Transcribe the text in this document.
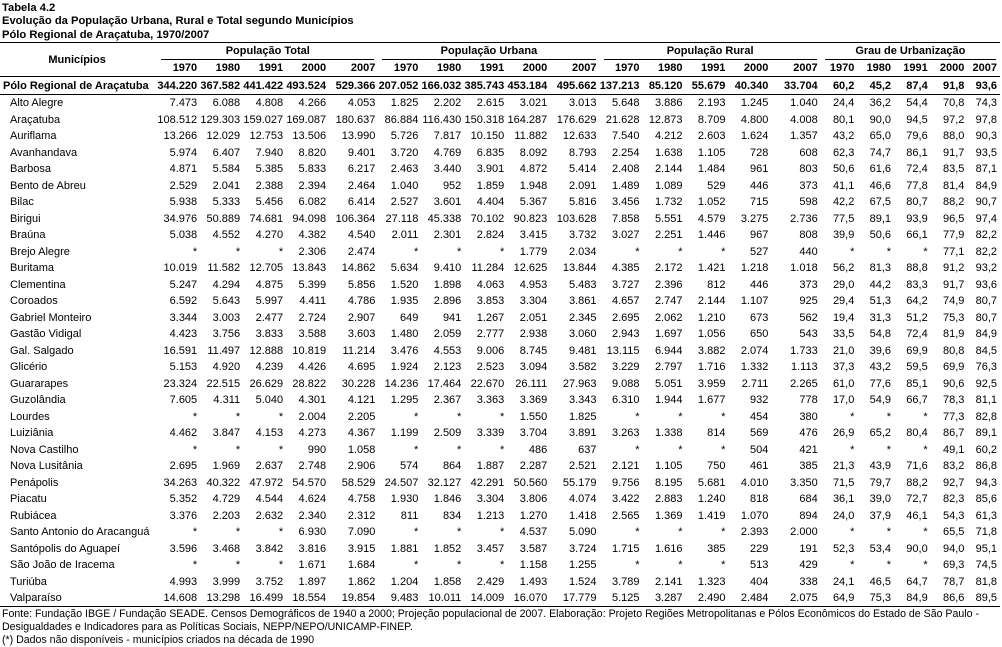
Tabela 4.2
Evolução da População Urbana, Rural e Total segundo Municípios
Pólo Regional de Araçatuba, 1970/2007
Municípios	População Total					População Urbana					População Rural					Grau de Urbanização				

	1970	1980	1991	2000	2007	1970	1980	1991	2000	2007	1970	1980	1991	2000	2007	1970	1980	1991	2000	2007
Pólo Regional de Araçatuba	344.220	367.582	441.422	493.524	529.366	207.052	166.032	385.743	453.184	495.662	137.213	85.120	55.679	40.340	33.704	60,2	45,2	87,4	91,8	93,6
Alto Alegre	7.473	6.088	4.808	4.266	4.053	1.825	2.202	2.615	3.021	3.013	5.648	3.886	2.193	1.245	1.040	24,4	36,2	54,4	70,8	74,3
Araçatuba	108.512	129.303	159.027	169.087	180.637	86.884	116.430	150.318	164.287	176.629	21.628	12.873	8.709	4.800	4.008	80,1	90,0	94,5	97,2	97,8
Auriflama	13.266	12.029	12.753	13.506	13.990	5.726	7.817	10.150	11.882	12.633	7.540	4.212	2.603	1.624	1.357	43,2	65,0	79,6	88,0	90,3
Avanhandava	5.974	6.407	7.940	8.820	9.401	3.720	4.769	6.835	8.092	8.793	2.254	1.638	1.105	728	608	62,3	74,7	86,1	91,7	93,5
Barbosa	4.871	5.584	5.385	5.833	6.217	2.463	3.440	3.901	4.872	5.414	2.408	2.144	1.484	961	803	50,6	61,6	72,4	83,5	87,1
Bento de Abreu	2.529	2.041	2.388	2.394	2.464	1.040	952	1.859	1.948	2.091	1.489	1.089	529	446	373	41,1	46,6	77,8	81,4	84,9
Bilac	5.938	5.333	5.456	6.082	6.414	2.527	3.601	4.404	5.367	5.816	3.456	1.732	1.052	715	598	42,2	67,5	80,7	88,2	90,7
Birigui	34.976	50.889	74.681	94.098	106.364	27.118	45.338	70.102	90.823	103.628	7.858	5.551	4.579	3.275	2.736	77,5	89,1	93,9	96,5	97,4
Braúna	5.038	4.552	4.270	4.382	4.540	2.011	2.301	2.824	3.415	3.732	3.027	2.251	1.446	967	808	39,9	50,6	66,1	77,9	82,2
Brejo Alegre	*	*	*	2.306	2.474	*	*	*	1.779	2.034	*	*	*	527	440	*	*	*	77,1	82,2
Buritama	10.019	11.582	12.705	13.843	14.862	5.634	9.410	11.284	12.625	13.844	4.385	2.172	1.421	1.218	1.018	56,2	81,3	88,8	91,2	93,2
Clementina	5.247	4.294	4.875	5.399	5.856	1.520	1.898	4.063	4.953	5.483	3.727	2.396	812	446	373	29,0	44,2	83,3	91,7	93,6
Coroados	6.592	5.643	5.997	4.411	4.786	1.935	2.896	3.853	3.304	3.861	4.657	2.747	2.144	1.107	925	29,4	51,3	64,2	74,9	80,7
Gabriel Monteiro	3.344	3.003	2.477	2.724	2.907	649	941	1.267	2.051	2.345	2.695	2.062	1.210	673	562	19,4	31,3	51,2	75,3	80,7
Gastão Vidigal	4.423	3.756	3.833	3.588	3.603	1.480	2.059	2.777	2.938	3.060	2.943	1.697	1.056	650	543	33,5	54,8	72,4	81,9	84,9
Gal. Salgado	16.591	11.497	12.888	10.819	11.214	3.476	4.553	9.006	8.745	9.481	13.115	6.944	3.882	2.074	1.733	21,0	39,6	69,9	80,8	84,5
Glicério	5.153	4.920	4.239	4.426	4.695	1.924	2.123	2.523	3.094	3.582	3.229	2.797	1.716	1.332	1.113	37,3	43,2	59,5	69,9	76,3
Guararapes	23.324	22.515	26.629	28.822	30.228	14.236	17.464	22.670	26.111	27.963	9.088	5.051	3.959	2.711	2.265	61,0	77,6	85,1	90,6	92,5
Guzolândia	7.605	4.311	5.040	4.301	4.121	1.295	2.367	3.363	3.369	3.343	6.310	1.944	1.677	932	778	17,0	54,9	66,7	78,3	81,1
Lourdes	*	*	*	2.004	2.205	*	*	*	1.550	1.825	*	*	*	454	380	*	*	*	77,3	82,8
Luiziânia	4.462	3.847	4.153	4.273	4.367	1.199	2.509	3.339	3.704	3.891	3.263	1.338	814	569	476	26,9	65,2	80,4	86,7	89,1
Nova Castilho	*	*	*	990	1.058	*	*	*	486	637	*	*	*	504	421	*	*	*	49,1	60,2
Nova Lusitânia	2.695	1.969	2.637	2.748	2.906	574	864	1.887	2.287	2.521	2.121	1.105	750	461	385	21,3	43,9	71,6	83,2	86,8
Penápolis	34.263	40.322	47.972	54.570	58.529	24.507	32.127	42.291	50.560	55.179	9.756	8.195	5.681	4.010	3.350	71,5	79,7	88,2	92,7	94,3
Piacatu	5.352	4.729	4.544	4.624	4.758	1.930	1.846	3.304	3.806	4.074	3.422	2.883	1.240	818	684	36,1	39,0	72,7	82,3	85,6
Rubiácea	3.376	2.203	2.632	2.340	2.312	811	834	1.213	1.270	1.418	2.565	1.369	1.419	1.070	894	24,0	37,9	46,1	54,3	61,3
Santo Antonio do Aracanguá	*	*	*	6.930	7.090	*	*	*	4.537	5.090	*	*	*	2.393	2.000	*	*	*	65,5	71,8
Santópolis do Aguapeí	3.596	3.468	3.842	3.816	3.915	1.881	1.852	3.457	3.587	3.724	1.715	1.616	385	229	191	52,3	53,4	90,0	94,0	95,1
São João de Iracema	*	*	*	1.671	1.684	*	*	*	1.158	1.255	*	*	*	513	429	*	*	*	69,3	74,5
Turiúba	4.993	3.999	3.752	1.897	1.862	1.204	1.858	2.429	1.493	1.524	3.789	2.141	1.323	404	338	24,1	46,5	64,7	78,7	81,8
Valparaíso	14.608	13.298	16.499	18.554	19.854	9.483	10.011	14.009	16.070	17.779	5.125	3.287	2.490	2.484	2.075	64,9	75,3	84,9	86,6	89,5
Fonte: Fundação IBGE / Fundação SEADE. Censos Demográficos de 1940 a 2000; Projeção populacional de 2007. Elaboração: Projeto Regiões Metropolitanas e Pólos Econômicos do Estado de São Paulo - Desigualdades e Indicadores para as Políticas Sociais, NEPP/NEPO/UNICAMP-FINEP.
(*) Dados não disponíveis - municípios criados na década de 1990
